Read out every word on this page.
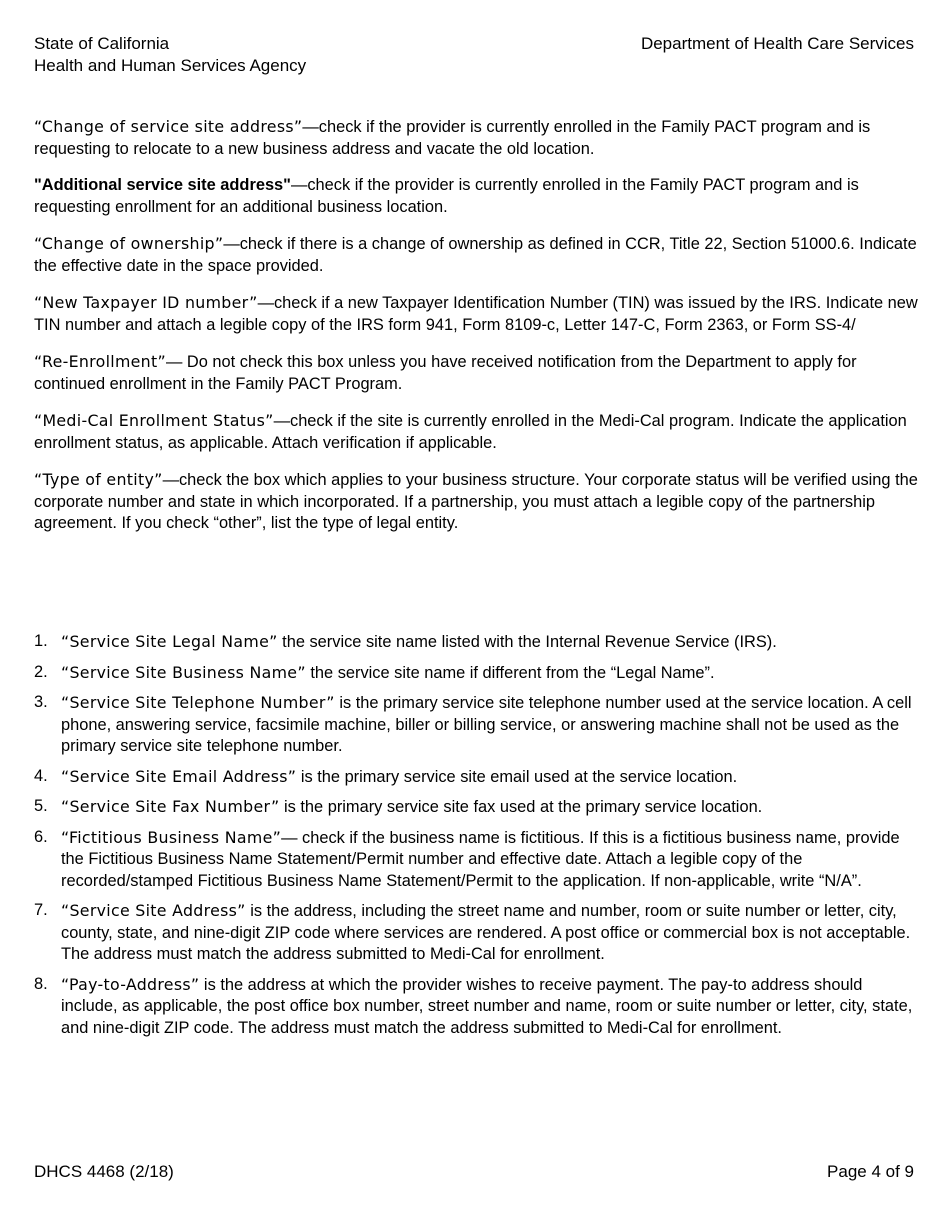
State of California
Health and Human Services Agency
Department of Health Care Services

“Change of service site address”—check if the provider is currently enrolled in the Family PACT program and is requesting to relocate to a new business address and vacate the old location.

"Additional service site address"—check if the provider is currently enrolled in the Family PACT program and is requesting enrollment for an additional business location.

“Change of ownership”—check if there is a change of ownership as defined in CCR, Title 22, Section 51000.6. Indicate the effective date in the space provided.

“New Taxpayer ID number”—check if a new Taxpayer Identification Number (TIN) was issued by the IRS. Indicate new TIN number and attach a legible copy of the IRS form 941, Form 8109-c, Letter 147-C, Form 2363, or Form SS-4/

“Re-Enrollment”— Do not check this box unless you have received notification from the Department to apply for continued enrollment in the Family PACT Program.

“Medi-Cal Enrollment Status”—check if the site is currently enrolled in the Medi-Cal program. Indicate the application enrollment status, as applicable. Attach verification if applicable.

“Type of entity”—check the box which applies to your business structure. Your corporate status will be verified using the corporate number and state in which incorporated. If a partnership, you must attach a legible copy of the partnership agreement. If you check “other”, list the type of legal entity.

1. “Service Site Legal Name” the service site name listed with the Internal Revenue Service (IRS).
2. “Service Site Business Name” the service site name if different from the “Legal Name”.
3. “Service Site Telephone Number” is the primary service site telephone number used at the service location. A cell phone, answering service, facsimile machine, biller or billing service, or answering machine shall not be used as the primary service site telephone number.
4. “Service Site Email Address” is the primary service site email used at the service location.
5. “Service Site Fax Number” is the primary service site fax used at the primary service location.
6. “Fictitious Business Name”— check if the business name is fictitious. If this is a fictitious business name, provide the Fictitious Business Name Statement/Permit number and effective date. Attach a legible copy of the recorded/stamped Fictitious Business Name Statement/Permit to the application. If non-applicable, write “N/A”.
7. “Service Site Address” is the address, including the street name and number, room or suite number or letter, city, county, state, and nine-digit ZIP code where services are rendered. A post office or commercial box is not acceptable. The address must match the address submitted to Medi-Cal for enrollment.
8. “Pay-to-Address” is the address at which the provider wishes to receive payment. The pay-to address should include, as applicable, the post office box number, street number and name, room or suite number or letter, city, state, and nine-digit ZIP code. The address must match the address submitted to Medi-Cal for enrollment.
DHCS 4468 (2/18)	Page 4 of 9
